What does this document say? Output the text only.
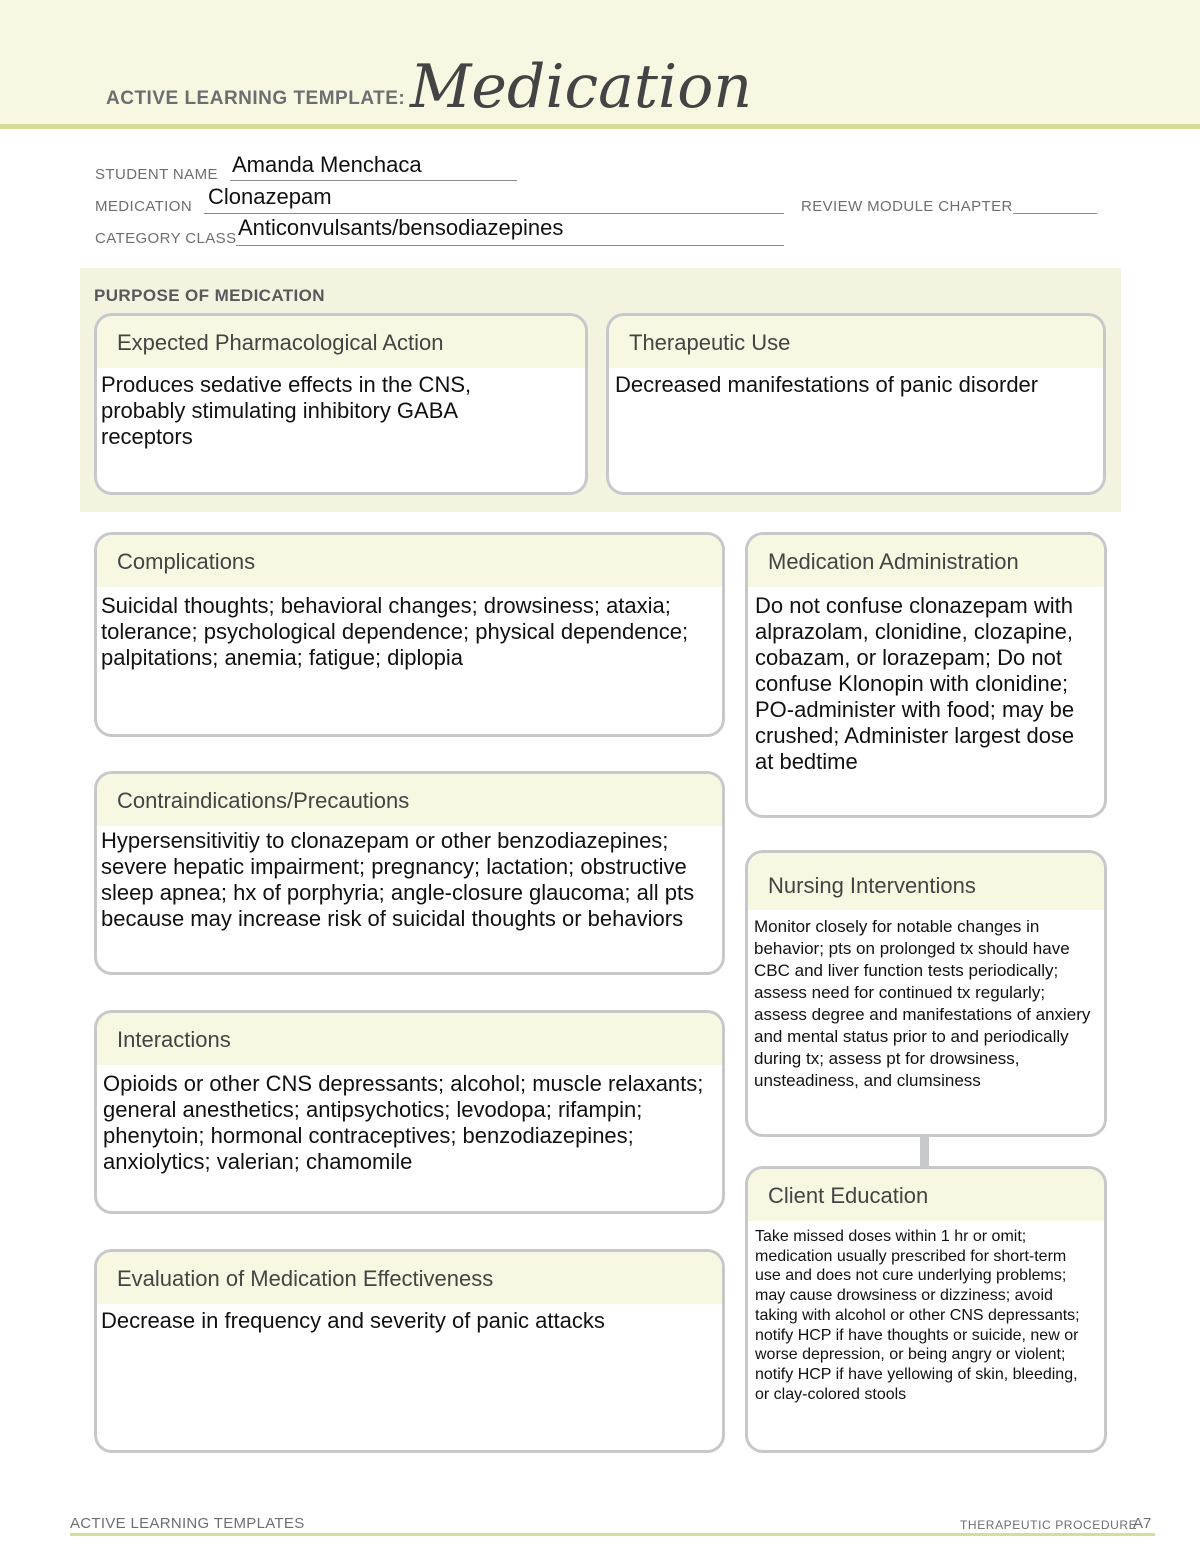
ACTIVE LEARNING TEMPLATE: Medication
STUDENT NAME Amanda Menchaca
MEDICATION Clonazepam	REVIEW MODULE CHAPTER
CATEGORY CLASS Anticonvulsants/bensodiazepines
PURPOSE OF MEDICATION
Expected Pharmacological Action
Produces sedative effects in the CNS, probably stimulating inhibitory GABA receptors
Therapeutic Use
Decreased manifestations of panic disorder
Complications
Suicidal thoughts; behavioral changes; drowsiness; ataxia; tolerance; psychological dependence; physical dependence; palpitations; anemia; fatigue; diplopia
Contraindications/Precautions
Hypersensitivitiy to clonazepam or other benzodiazepines; severe hepatic impairment; pregnancy; lactation; obstructive sleep apnea; hx of porphyria; angle-closure glaucoma; all pts because may increase risk of suicidal thoughts or behaviors
Interactions
Opioids or other CNS depressants; alcohol; muscle relaxants; general anesthetics; antipsychotics; levodopa; rifampin; phenytoin; hormonal contraceptives; benzodiazepines; anxiolytics; valerian; chamomile
Evaluation of Medication Effectiveness
Decrease in frequency and severity of panic attacks
Medication Administration
Do not confuse clonazepam with alprazolam, clonidine, clozapine, cobazam, or lorazepam; Do not confuse Klonopin with clonidine; PO-administer with food; may be crushed; Administer largest dose at bedtime
Nursing Interventions
Monitor closely for notable changes in behavior; pts on prolonged tx should have CBC and liver function tests periodically; assess need for continued tx regularly; assess degree and manifestations of anxiery and mental status prior to and periodically during tx; assess pt for drowsiness, unsteadiness, and clumsiness
Client Education
Take missed doses within 1 hr or omit; medication usually prescribed for short-term use and does not cure underlying problems; may cause drowsiness or dizziness; avoid taking with alcohol or other CNS depressants; notify HCP if have thoughts or suicide, new or worse depression, or being angry or violent; notify HCP if have yellowing of skin, bleeding, or clay-colored stools
ACTIVE LEARNING TEMPLATES	THERAPEUTIC PROCEDURE
A7
